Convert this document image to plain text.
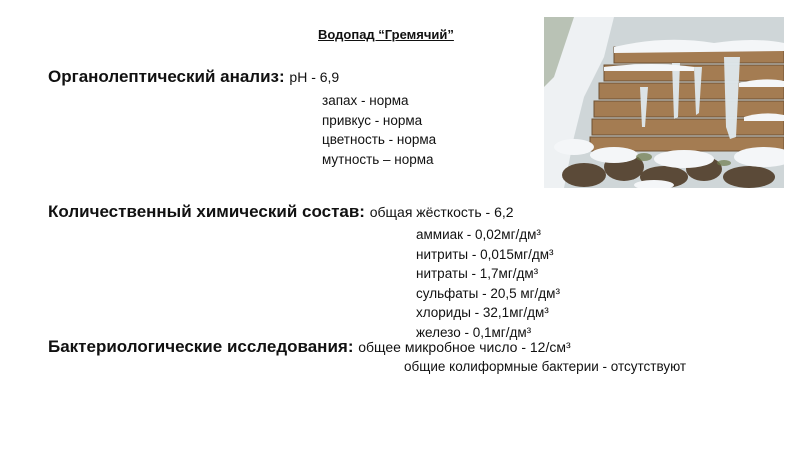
Водопад “Гремячий”
Органолептический анализ: pH - 6,9
запах - норма
привкус - норма
цветность - норма
мутность – норма
Количественный химический состав: общая жёсткость - 6,2
аммиак - 0,02мг/дм³
нитриты - 0,015мг/дм³
нитраты - 1,7мг/дм³
сульфаты - 20,5 мг/дм³
хлориды - 32,1мг/дм³
железо - 0,1мг/дм³
Бактериологические исследования: общее микробное число - 12/см³
общие колиформные бактерии - отсутствуют
